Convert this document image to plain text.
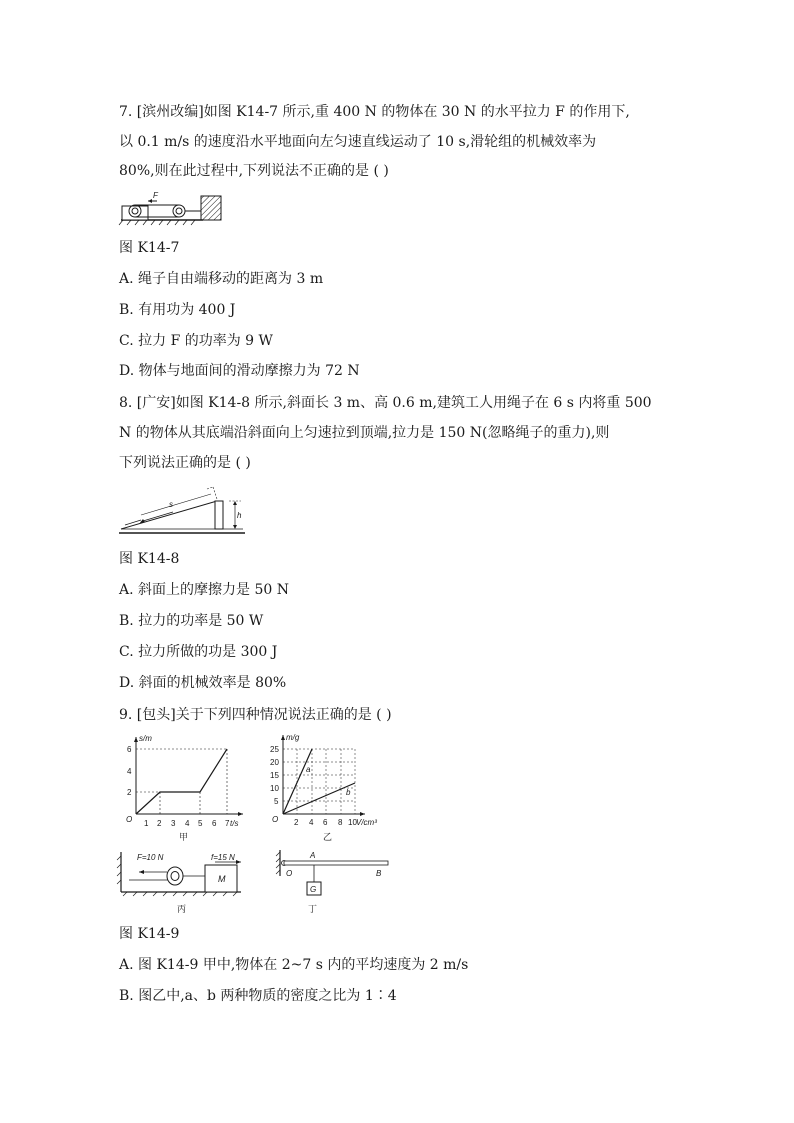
7. [滨州改编]如图 K14-7 所示,重 400 N 的物体在 30 N 的水平拉力 F 的作用下,
以 0.1 m/s 的速度沿水平地面向左匀速直线运动了 10 s,滑轮组的机械效率为
80%,则在此过程中,下列说法不正确的是 ( )
F
图 K14-7
A. 绳子自由端移动的距离为 3 m
B. 有用功为 400 J
C. 拉力 F 的功率为 9 W
D. 物体与地面间的滑动摩擦力为 72 N
8. [广安]如图 K14-8 所示,斜面长 3 m、高 0.6 m,建筑工人用绳子在 6 s 内将重 500
N 的物体从其底端沿斜面向上匀速拉到顶端,拉力是 150 N(忽略绳子的重力),则
下列说法正确的是 ( )
s
h
图 K14-8
A. 斜面上的摩擦力是 50 N
B. 拉力的功率是 50 W
C. 拉力所做的功是 300 J
D. 斜面的机械效率是 80%
9. [包头]关于下列四种情况说法正确的是 ( )
s/m
t/s
O
2
4
6
1 2 3 4 5 6 7
甲
m/g
V/cm³
O
5
10
15
20
25
2 4 6 8 10
a
b
乙
F=10 N	f=15 N
M
丙
O
A
B
G
丁
图 K14-9
A. 图 K14-9 甲中,物体在 2~7 s 内的平均速度为 2 m/s
B. 图乙中,a、b 两种物质的密度之比为 1∶4
